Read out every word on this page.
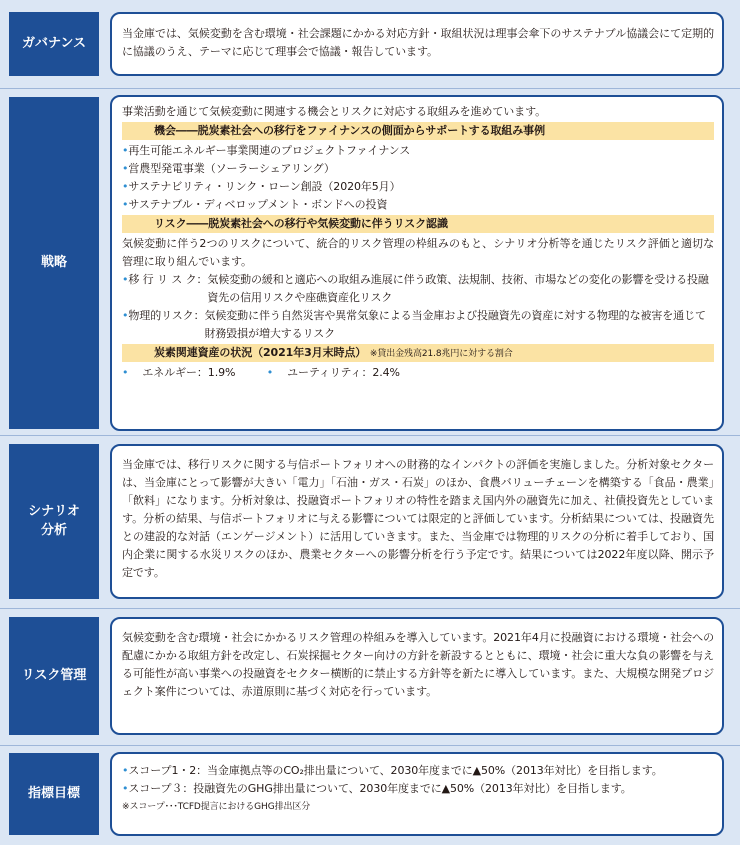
ガバナンス

当金庫では、気候変動を含む環境・社会課題にかかる対応方針・取組状況は理事会傘下のサステナブル協議会にて定期的に協議のうえ、テーマに応じて理事会で協議・報告しています。

戦略

事業活動を通じて気候変動に関連する機会とリスクに対応する取組みを進めています。

機会――脱炭素社会への移行をファイナンスの側面からサポートする取組み事例

•再生可能エネルギー事業関連のプロジェクトファイナンス

•営農型発電事業（ソーラーシェアリング）

•サステナビリティ・リンク・ローン創設（2020年5月）

•サステナブル・ディベロップメント・ボンドへの投資

リスク――脱炭素社会への移行や気候変動に伴うリスク認識

気候変動に伴う2つのリスクについて、統合的リスク管理の枠組みのもと、シナリオ分析等を通じたリスク評価と適切な管理に取り組んでいます。

•移 行 リ ス ク： 気候変動の緩和と適応への取組み進展に伴う政策、法規制、技術、市場などの変化の影響を受ける投融資先の信用リスクや座礁資産化リスク
•物理的リスク： 気候変動に伴う自然災害や異常気象による当金庫および投融資先の資産に対する物理的な被害を通じて財務毀損が増大するリスク
炭素関連資産の状況（2021年3月末時点） ※貸出金残高21.8兆円に対する割合

• エネルギー：1.9%	• ユーティリティ：2.4%

シナリオ
分析

当金庫では、移行リスクに関する与信ポートフォリオへの財務的なインパクトの評価を実施しました。分析対象セクターは、当金庫にとって影響が大きい「電力」「石油・ガス・石炭」のほか、食農バリューチェーンを構築する「食品・農業」「飲料」になります。分析対象は、投融資ポートフォリオの特性を踏まえ国内外の融資先に加え、社債投資先としています。分析の結果、与信ポートフォリオに与える影響については限定的と評価しています。分析結果については、投融資先との建設的な対話（エンゲージメント）に活用していきます。また、当金庫では物理的リスクの分析に着手しており、国内企業に関する水災リスクのほか、農業セクターへの影響分析を行う予定です。結果については2022年度以降、開示予定です。

リスク管理

気候変動を含む環境・社会にかかるリスク管理の枠組みを導入しています。2021年4月に投融資における環境・社会への配慮にかかる取組方針を改定し、石炭採掘セクター向けの方針を新設するとともに、環境・社会に重大な負の影響を与える可能性が高い事業への投融資をセクター横断的に禁止する方針等を新たに導入しています。また、大規模な開発プロジェクト案件については、赤道原則に基づく対応を行っています。

指標目標

•スコープ1・2：当金庫拠点等のCO₂排出量について、2030年度までに▲50%（2013年対比）を目指します。

•スコープ３：投融資先のGHG排出量について、2030年度までに▲50%（2013年対比）を目指します。

※スコープ･･･TCFD提言におけるGHG排出区分
